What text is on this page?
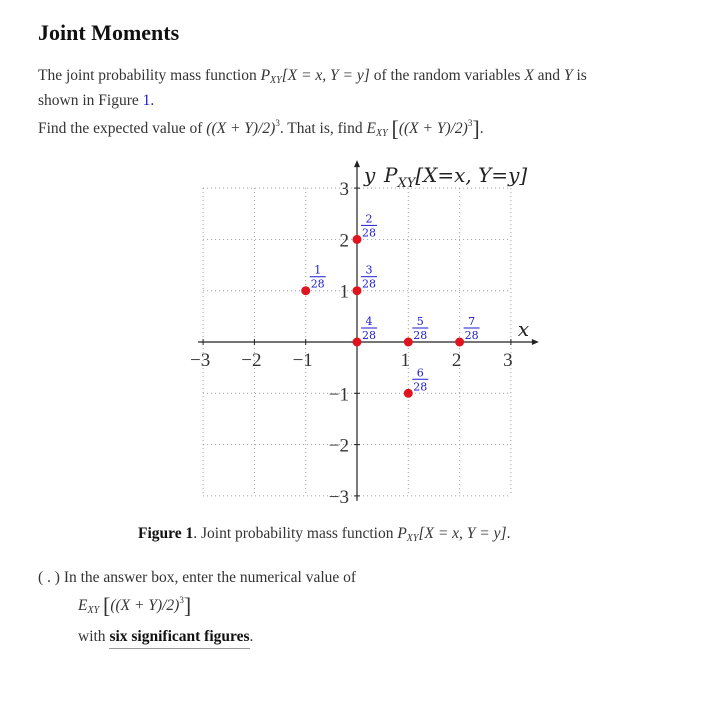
Joint Moments
The joint probability mass function $P_{XY}[X = x$, Y = y] of the random variables X and Y is
shown in Figure 1.
Find the expected value of $((X + Y)/2)^3$. That is, find $E_{XY}$ $[((X + Y)/2)^3]$.
−3 −2 −1	1 2 3
3
2
1
−1
−2
−3
1
28
2
28
3
28
4
28
5
28
6
28
7
28
y
x
$P_{XY}[X=x$, Y=y]
Figure 1. Joint probability mass function $P_{XY}[X = x$, Y = y].
( . ) In the answer box, enter the numerical value of
$E_{XY}$ $[((X + Y)/2)^3]$
with six significant figures.
